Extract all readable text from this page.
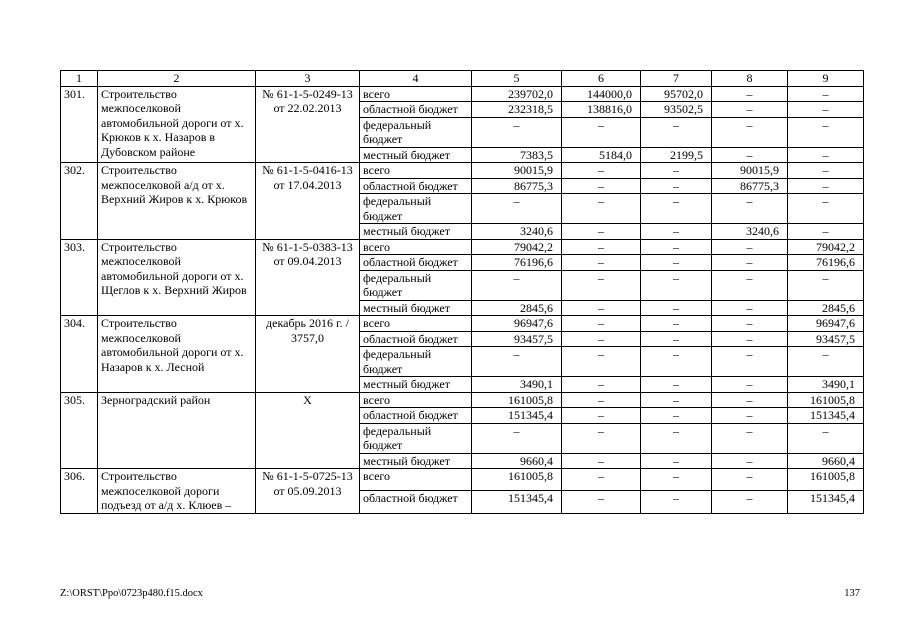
1	2	3	4	5	6	7	8	9
301.	Строительство межпоселковой автомобильной дороги от х. Крюков к х. Назаров в Дубовском районе	№ 61-1-5-0249-13 от 22.02.2013	всего	239702,0	144000,0	95702,0	–	–
			областной бюджет	232318,5	138816,0	93502,5	–	–
			федеральный бюджет	–	–	–	–	–
			местный бюджет	7383,5	5184,0	2199,5	–	–
302.	Строительство межпоселковой а/д от х. Верхний Жиров к х. Крюков	№ 61-1-5-0416-13 от 17.04.2013	всего	90015,9	–	–	90015,9	–
			областной бюджет	86775,3	–	–	86775,3	–
			федеральный бюджет	–	–	–	–	–
			местный бюджет	3240,6	–	–	3240,6	–
303.	Строительство межпоселковой автомобильной дороги от х. Щеглов к х. Верхний Жиров	№ 61-1-5-0383-13 от 09.04.2013	всего	79042,2	–	–	–	79042,2
			областной бюджет	76196,6	–	–	–	76196,6
			федеральный бюджет	–	–	–	–	–
			местный бюджет	2845,6	–	–	–	2845,6
304.	Строительство межпоселковой автомобильной дороги от х. Назаров к х. Лесной	декабрь 2016 г. / 3757,0	всего	96947,6	–	–	–	96947,6
			областной бюджет	93457,5	–	–	–	93457,5
			федеральный бюджет	–	–	–	–	–
			местный бюджет	3490,1	–	–	–	3490,1
305.	Зерноградский район	Х	всего	161005,8	–	–	–	161005,8
			областной бюджет	151345,4	–	–	–	151345,4
			федеральный бюджет	–	–	–	–	–
			местный бюджет	9660,4	–	–	–	9660,4
306.	Строительство межпоселковой дороги подъезд от а/д х. Клюев –	№ 61-1-5-0725-13 от 05.09.2013	всего	161005,8	–	–	–	161005,8
			областной бюджет	151345,4	–	–	–	151345,4
Z:\ORST\Ppo\0723p480.f15.docx	137
